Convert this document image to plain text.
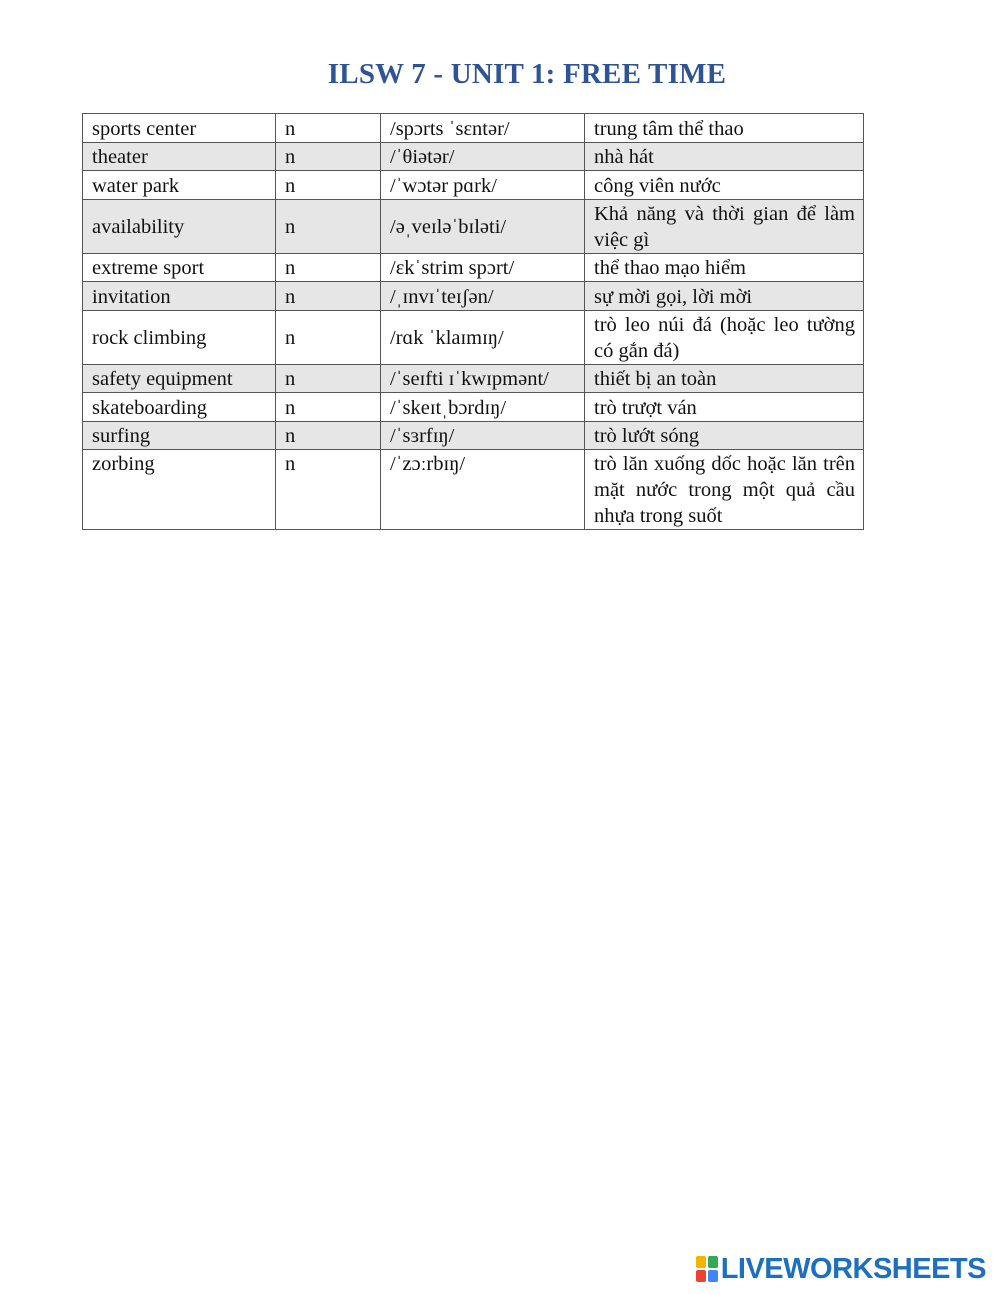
ILSW 7 - UNIT 1: FREE TIME
sports center	n	/spɔrts ˈsɛntər/	trung tâm thể thao
theater	n	/ˈθiətər/	nhà hát
water park	n	/ˈwɔtər pɑrk/	công viên nước
availability	n	/əˌveɪləˈbɪləti/	Khả năng và thời gian để làm việc gì
extreme sport	n	/ɛkˈstrim spɔrt/	thể thao mạo hiểm
invitation	n	/ˌɪnvɪˈteɪʃən/	sự mời gọi, lời mời
rock climbing	n	/rɑk ˈklaɪmɪŋ/	trò leo núi đá (hoặc leo tường có gắn đá)
safety equipment	n	/ˈseɪfti ɪˈkwɪpmənt/	thiết bị an toàn
skateboarding	n	/ˈskeɪtˌbɔrdɪŋ/	trò trượt ván
surfing	n	/ˈsɜrfɪŋ/	trò lướt sóng
zorbing	n	/ˈzɔːrbɪŋ/	trò lăn xuống dốc hoặc lăn trên mặt nước trong một quả cầu nhựa trong suốt
LIVEWORKSHEETS
